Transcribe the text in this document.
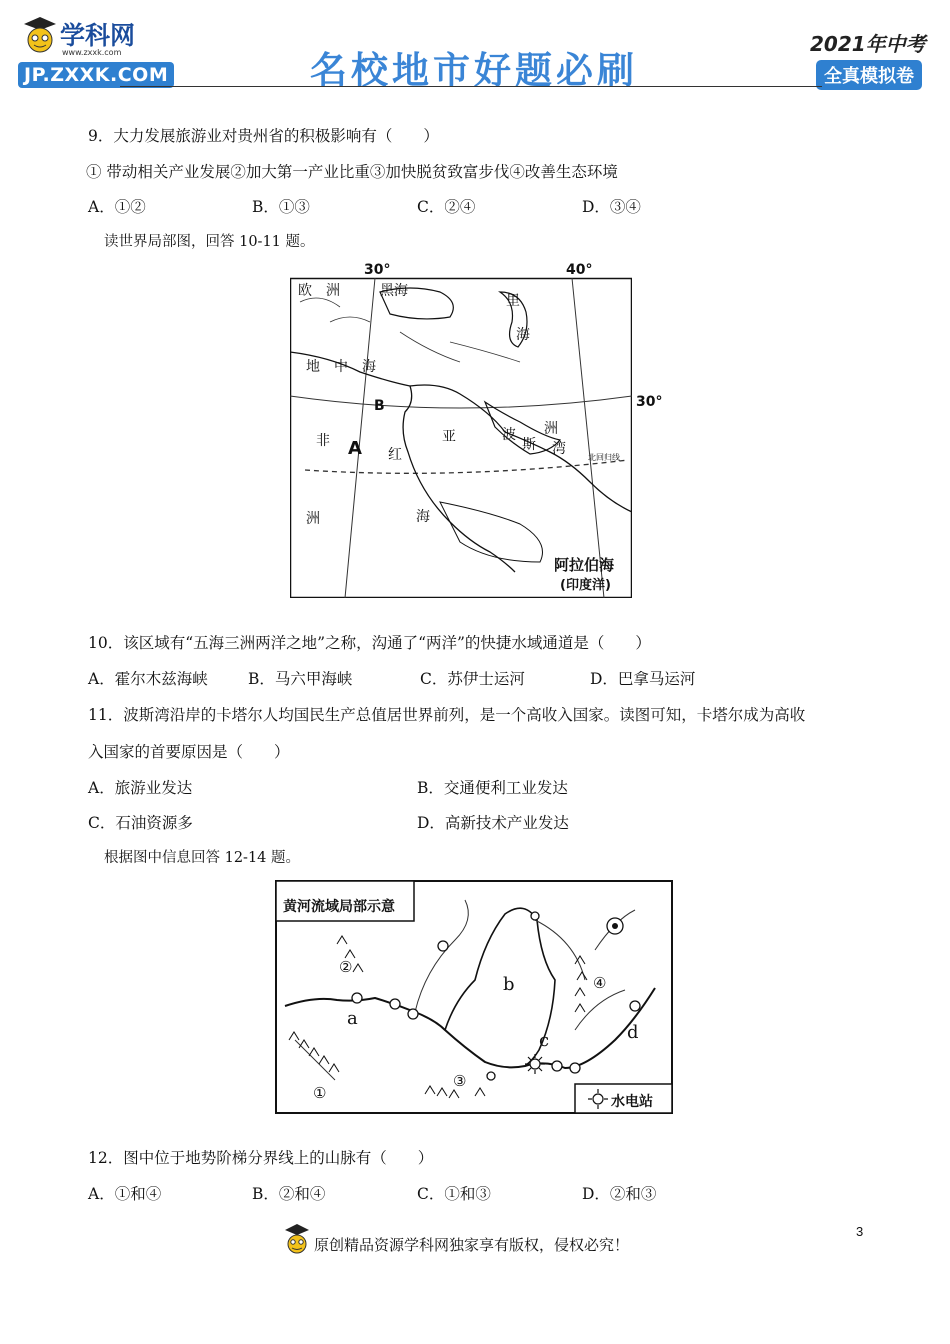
学科网
www.zxxk.com
JP.ZXXK.COM	名校地市好题必刷
2021年中考
全真模拟卷
9．大力发展旅游业对贵州省的积极影响有（　　）
① 带动相关产业发展②加大第一产业比重③加快脱贫致富步伐④改善生态环境
A．①②	B．①③	C．②④	D．③④
读世界局部图，回答 10-11 题。
30°	40°
30°
欧　洲	黑海
里
海
地　中　海
B
非 A 红
海
亚	洲
波
斯 湾
洲
北回归线
阿拉伯海
(印度洋)
10．该区域有“五海三洲两洋之地”之称，沟通了“两洋”的快捷水域通道是（　　）
A．霍尔木兹海峡	B．马六甲海峡	C．苏伊士运河	D．巴拿马运河
11．波斯湾沿岸的卡塔尔人均国民生产总值居世界前列，是一个高收入国家。读图可知，卡塔尔成为高收
入国家的首要原因是（　　）
A．旅游业发达	B．交通便利工业发达
C．石油资源多	D．高新技术产业发达
根据图中信息回答 12-14 题。
黄河流域局部示意
水电站
a
b
c	d
①
②
③
④
12．图中位于地势阶梯分界线上的山脉有（　　）
A．①和④	B．②和④	C．①和③	D．②和③
3
原创精品资源学科网独家享有版权，侵权必究！
